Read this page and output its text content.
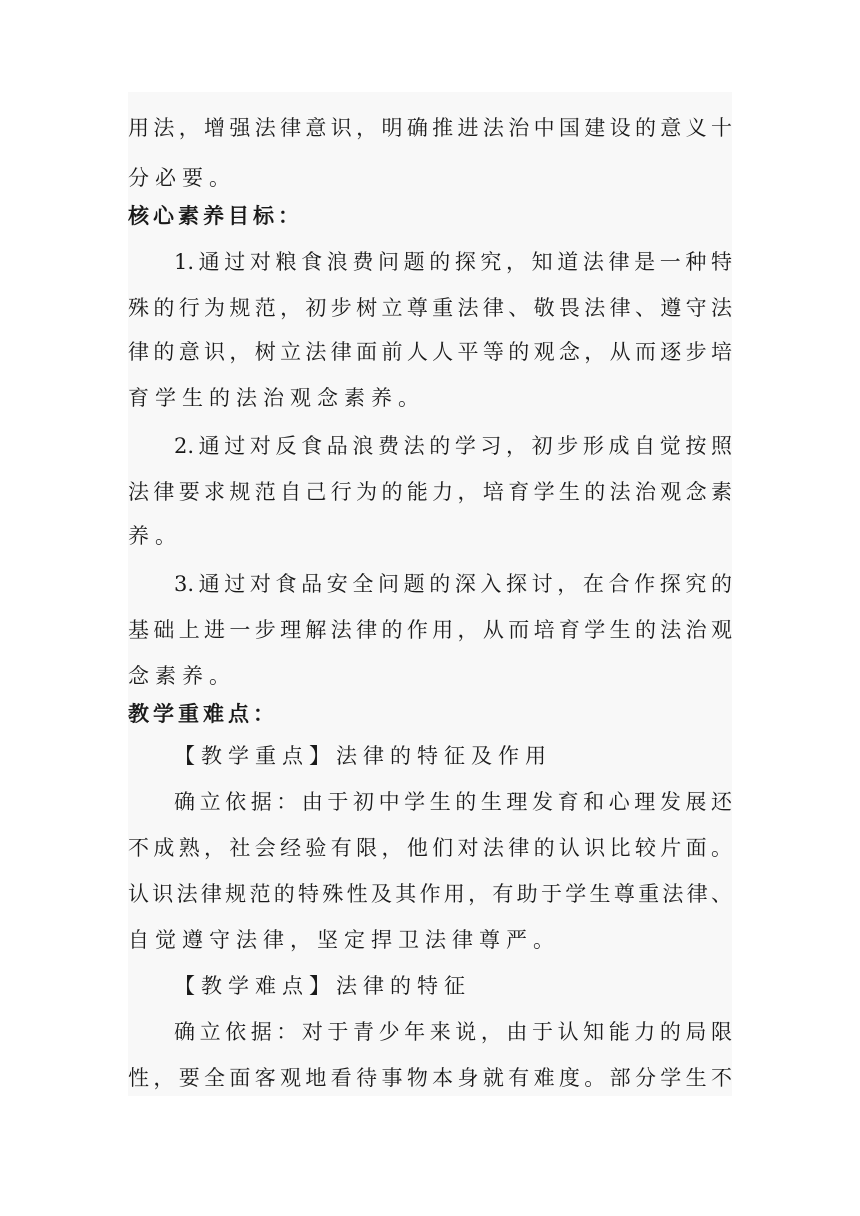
用法，增强法律意识，明确推进法治中国建设的意义十
分必要。
核心素养目标：
1.通过对粮食浪费问题的探究，知道法律是一种特
殊的行为规范，初步树立尊重法律、敬畏法律、遵守法
律的意识，树立法律面前人人平等的观念，从而逐步培
育学生的法治观念素养。
2.通过对反食品浪费法的学习，初步形成自觉按照
法律要求规范自己行为的能力，培育学生的法治观念素
养。
3.通过对食品安全问题的深入探讨，在合作探究的
基础上进一步理解法律的作用，从而培育学生的法治观
念素养。
教学重难点：
【教学重点】法律的特征及作用
确立依据：由于初中学生的生理发育和心理发展还
不成熟，社会经验有限，他们对法律的认识比较片面。
认识法律规范的特殊性及其作用，有助于学生尊重法律、
自觉遵守法律，坚定捍卫法律尊严。
【教学难点】法律的特征
确立依据：对于青少年来说，由于认知能力的局限
性，要全面客观地看待事物本身就有难度。部分学生不
